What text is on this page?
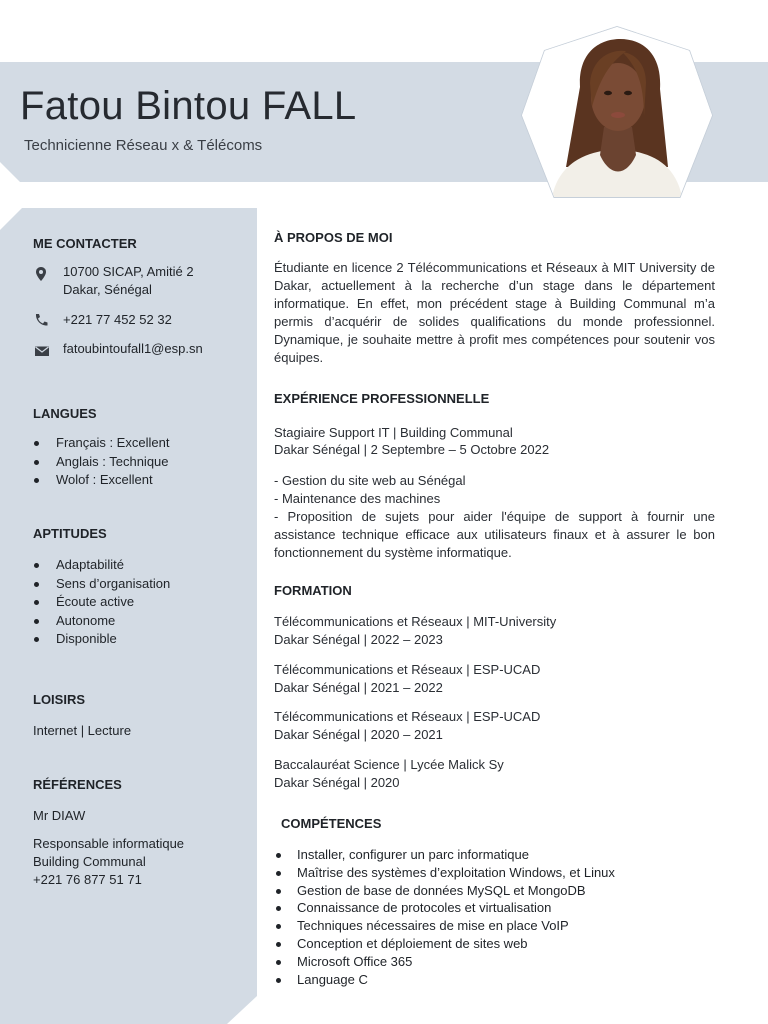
Fatou Bintou FALL

Technicienne Réseau x & Télécoms

ME CONTACTER

10700 SICAP, Amitié 2

Dakar, Sénégal

+221 77 452 52 32

fatoubintoufall1@esp.sn

LANGUES
Français : Excellent
Anglais : Technique
Wolof : Excellent
APTITUDES
Adaptabilité
Sens d’organisation
Écoute active
Autonome
Disponible
LOISIRS

Internet | Lecture

RÉFÉRENCES

Mr DIAW

Responsable informatique

Building Communal

+221 76 877 51 71

À PROPOS DE MOI

Étudiante en licence 2 Télécommunications et Réseaux à MIT University de Dakar, actuellement à la recherche d’un stage dans le département informatique. En effet, mon précédent stage à Building Communal m’a permis d’acquérir de solides qualifications du monde professionnel. Dynamique, je souhaite mettre à profit mes compétences pour soutenir vos équipes.

EXPÉRIENCE PROFESSIONNELLE

Stagiaire Support IT | Building Communal

Dakar Sénégal | 2 Septembre – 5 Octobre 2022

- Gestion du site web au Sénégal

- Maintenance des machines

- Proposition de sujets pour aider l'équipe de support à fournir une assistance technique efficace aux utilisateurs finaux et à assurer le bon fonctionnement du système informatique.

FORMATION

Télécommunications et Réseaux | MIT-University

Dakar Sénégal | 2022 – 2023

Télécommunications et Réseaux | ESP-UCAD

Dakar Sénégal | 2021 – 2022

Télécommunications et Réseaux | ESP-UCAD

Dakar Sénégal | 2020 – 2021

Baccalauréat Science | Lycée Malick Sy

Dakar Sénégal | 2020

COMPÉTENCES
Installer, configurer un parc informatique
Maîtrise des systèmes d’exploitation Windows, et Linux
Gestion de base de données MySQL et MongoDB
Connaissance de protocoles et virtualisation
Techniques nécessaires de mise en place VoIP
Conception et déploiement de sites web
Microsoft Office 365
Language C
